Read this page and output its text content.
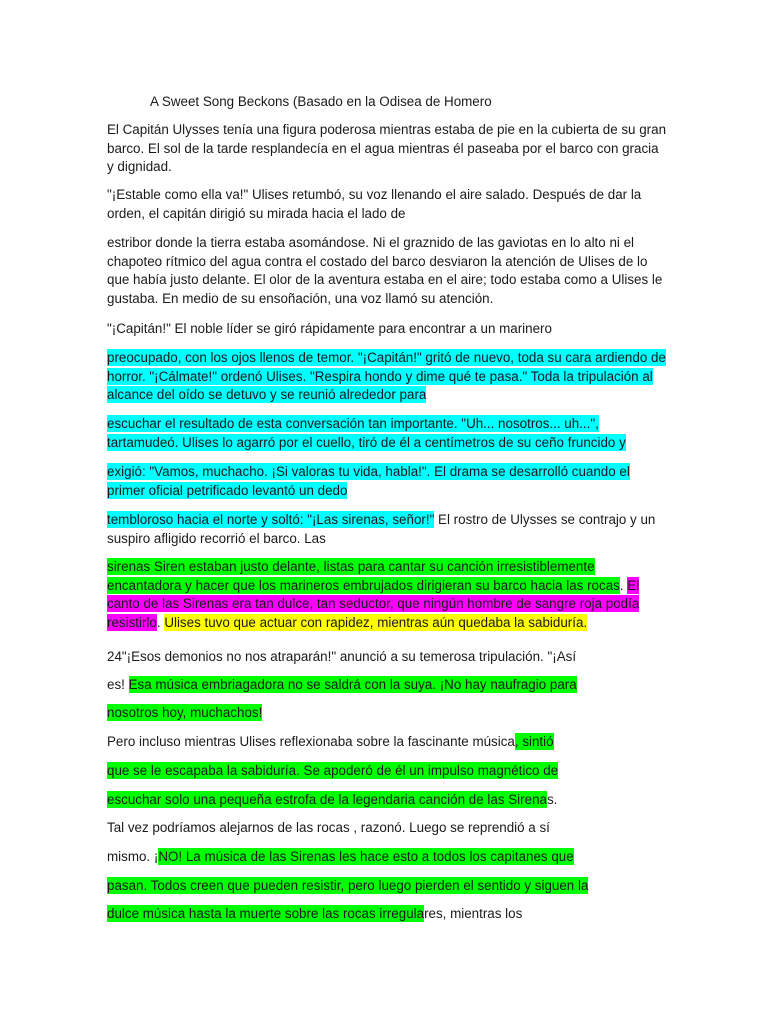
A Sweet Song Beckons (Basado en la Odisea de Homero

El Capitán Ulysses tenía una figura poderosa mientras estaba de pie en la cubierta de su gran barco. El sol de la tarde resplandecía en el agua mientras él paseaba por el barco con gracia y dignidad.

"¡Estable como ella va!" Ulises retumbó, su voz llenando el aire salado. Después de dar la orden, el capitán dirigió su mirada hacia el lado de

estribor donde la tierra estaba asomándose. Ni el graznido de las gaviotas en lo alto ni el chapoteo rítmico del agua contra el costado del barco desviaron la atención de Ulises de lo que había justo delante. El olor de la aventura estaba en el aire; todo estaba como a Ulises le gustaba. En medio de su ensoñación, una voz llamó su atención.

"¡Capitán!" El noble líder se giró rápidamente para encontrar a un marinero

preocupado, con los ojos llenos de temor. "¡Capitán!" gritó de nuevo, toda su cara ardiendo de horror. "¡Cálmate!" ordenó Ulises. "Respira hondo y dime qué te pasa." Toda la tripulación al alcance del oído se detuvo y se reunió alrededor para

escuchar el resultado de esta conversación tan importante. "Uh... nosotros... uh...", tartamudeó. Ulises lo agarró por el cuello, tiró de él a centímetros de su ceño fruncido y

exigió: "Vamos, muchacho. ¡Si valoras tu vida, habla!". El drama se desarrolló cuando el primer oficial petrificado levantó un dedo

tembloroso hacia el norte y soltó: "¡Las sirenas, señor!" El rostro de Ulysses se contrajo y un suspiro afligido recorrió el barco. Las

sirenas Siren estaban justo delante, listas para cantar su canción irresistiblemente encantadora y hacer que los marineros embrujados dirigieran su barco hacia las rocas. El canto de las Sirenas era tan dulce, tan seductor, que ningún hombre de sangre roja podía resistirlo. Ulises tuvo que actuar con rapidez, mientras aún quedaba la sabiduría.

24"¡Esos demonios no nos atraparán!" anunció a su temerosa tripulación. "¡Así

es! Esa música embriagadora no se saldrá con la suya. ¡No hay naufragio para

nosotros hoy, muchachos!

Pero incluso mientras Ulises reflexionaba sobre la fascinante música, sintió

que se le escapaba la sabiduría. Se apoderó de él un impulso magnético de

escuchar solo una pequeña estrofa de la legendaria canción de las Sirenas.

Tal vez podríamos alejarnos de las rocas , razonó. Luego se reprendió a sí

mismo. ¡NO! La música de las Sirenas les hace esto a todos los capitanes que

pasan. Todos creen que pueden resistir, pero luego pierden el sentido y siguen la

dulce música hasta la muerte sobre las rocas irregulares, mientras los
